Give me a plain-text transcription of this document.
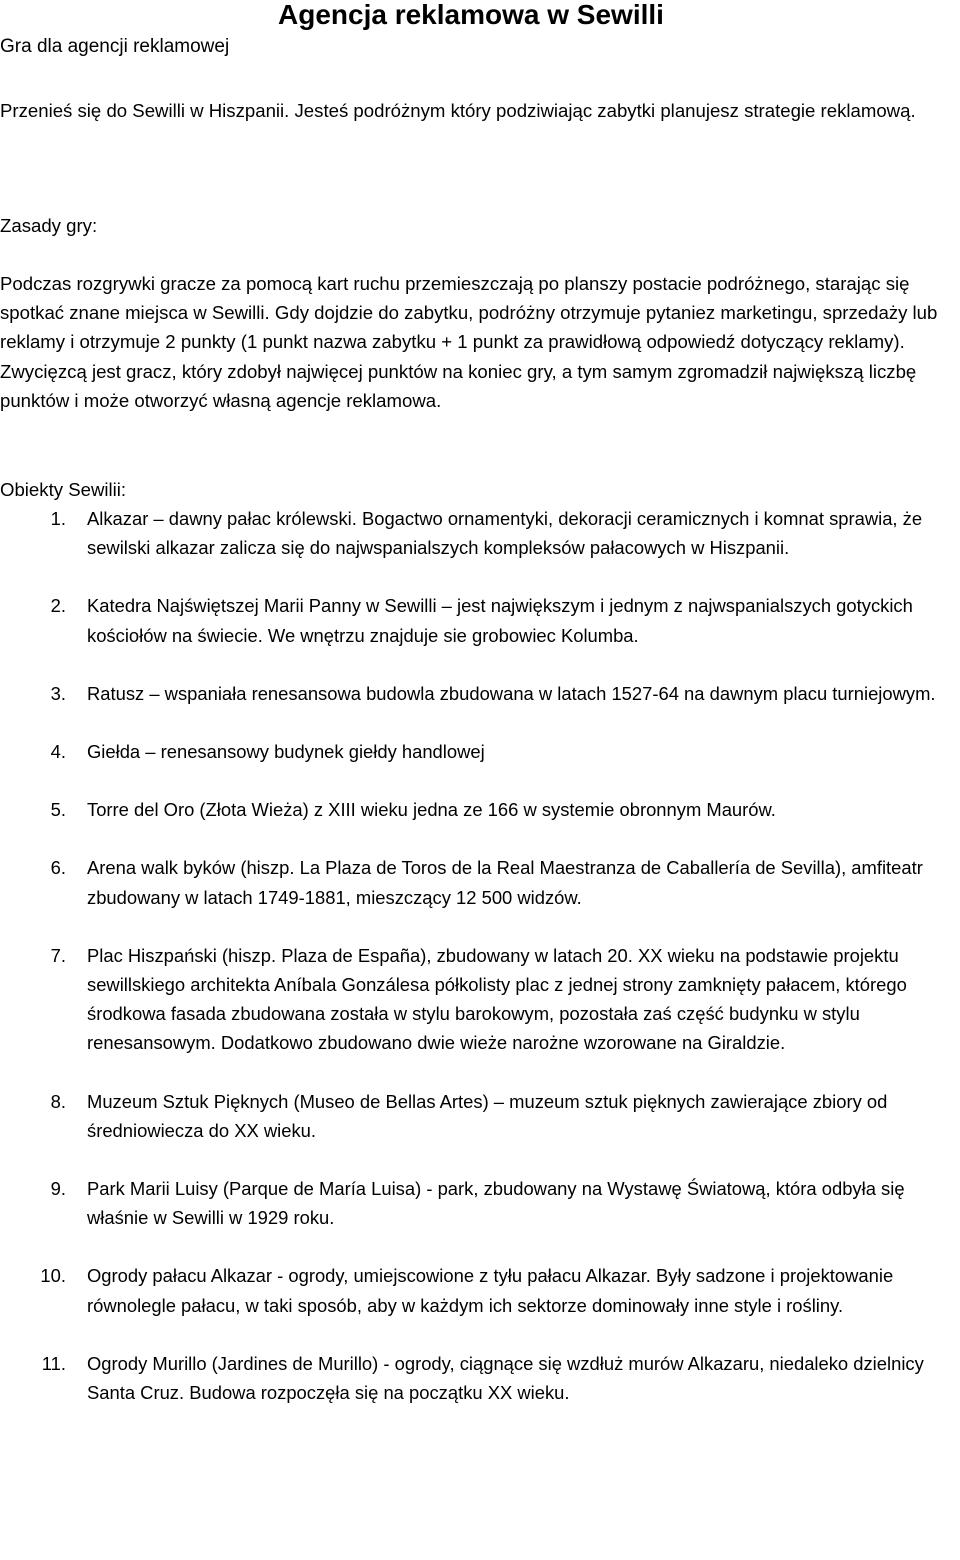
Gra dla agencji reklamowej
Agencja reklamowa w Sewilli
Przenieś się do Sewilli w Hiszpanii. Jesteś podróżnym który podziwiając zabytki planujesz strategie reklamową.
Zasady gry:
Podczas rozgrywki gracze za pomocą kart ruchu przemieszczają po planszy postacie podróżnego, starając się spotkać znane miejsca w Sewilli. Gdy dojdzie do zabytku, podróżny otrzymuje pytaniez marketingu, sprzedaży lub reklamy i otrzymuje 2 punkty (1 punkt nazwa zabytku + 1 punkt za prawidłową odpowiedź dotyczący reklamy). Zwycięzcą jest gracz, który zdobył najwięcej punktów na koniec gry, a tym samym zgromadził największą liczbę punktów i może otworzyć własną agencje reklamowa.
Obiekty Sewilii:
1. Alkazar – dawny pałac królewski. Bogactwo ornamentyki, dekoracji ceramicznych i komnat sprawia, że sewilski alkazar zalicza się do najwspanialszych kompleksów pałacowych w Hiszpanii.
2. Katedra Najświętszej Marii Panny w Sewilli – jest największym i jednym z najwspanialszych gotyckich kościołów na świecie. We wnętrzu znajduje sie grobowiec Kolumba.
3. Ratusz – wspaniała renesansowa budowla zbudowana w latach 1527-64 na dawnym placu turniejowym.
4. Giełda – renesansowy budynek giełdy handlowej
5. Torre del Oro (Złota Wieża) z XIII wieku jedna ze 166 w systemie obronnym Maurów.
6. Arena walk byków (hiszp. La Plaza de Toros de la Real Maestranza de Caballería de Sevilla), amfiteatr zbudowany w latach 1749-1881, mieszczący 12 500 widzów.
7. Plac Hiszpański (hiszp. Plaza de España), zbudowany w latach 20. XX wieku na podstawie projektu sewillskiego architekta Aníbala Gonzálesa półkolisty plac z jednej strony zamknięty pałacem, którego środkowa fasada zbudowana została w stylu barokowym, pozostała zaś część budynku w stylu renesansowym. Dodatkowo zbudowano dwie wieże narożne wzorowane na Giraldzie.
8. Muzeum Sztuk Pięknych (Museo de Bellas Artes) – muzeum sztuk pięknych zawierające zbiory od średniowiecza do XX wieku.
9. Park Marii Luisy (Parque de María Luisa) - park, zbudowany na Wystawę Światową, która odbyła się właśnie w Sewilli w 1929 roku.
10. Ogrody pałacu Alkazar - ogrody, umiejscowione z tyłu pałacu Alkazar. Były sadzone i projektowanie równolegle pałacu, w taki sposób, aby w każdym ich sektorze dominowały inne style i rośliny.
11. Ogrody Murillo (Jardines de Murillo) - ogrody, ciągnące się wzdłuż murów Alkazaru, niedaleko dzielnicy Santa Cruz. Budowa rozpoczęła się na początku XX wieku.
